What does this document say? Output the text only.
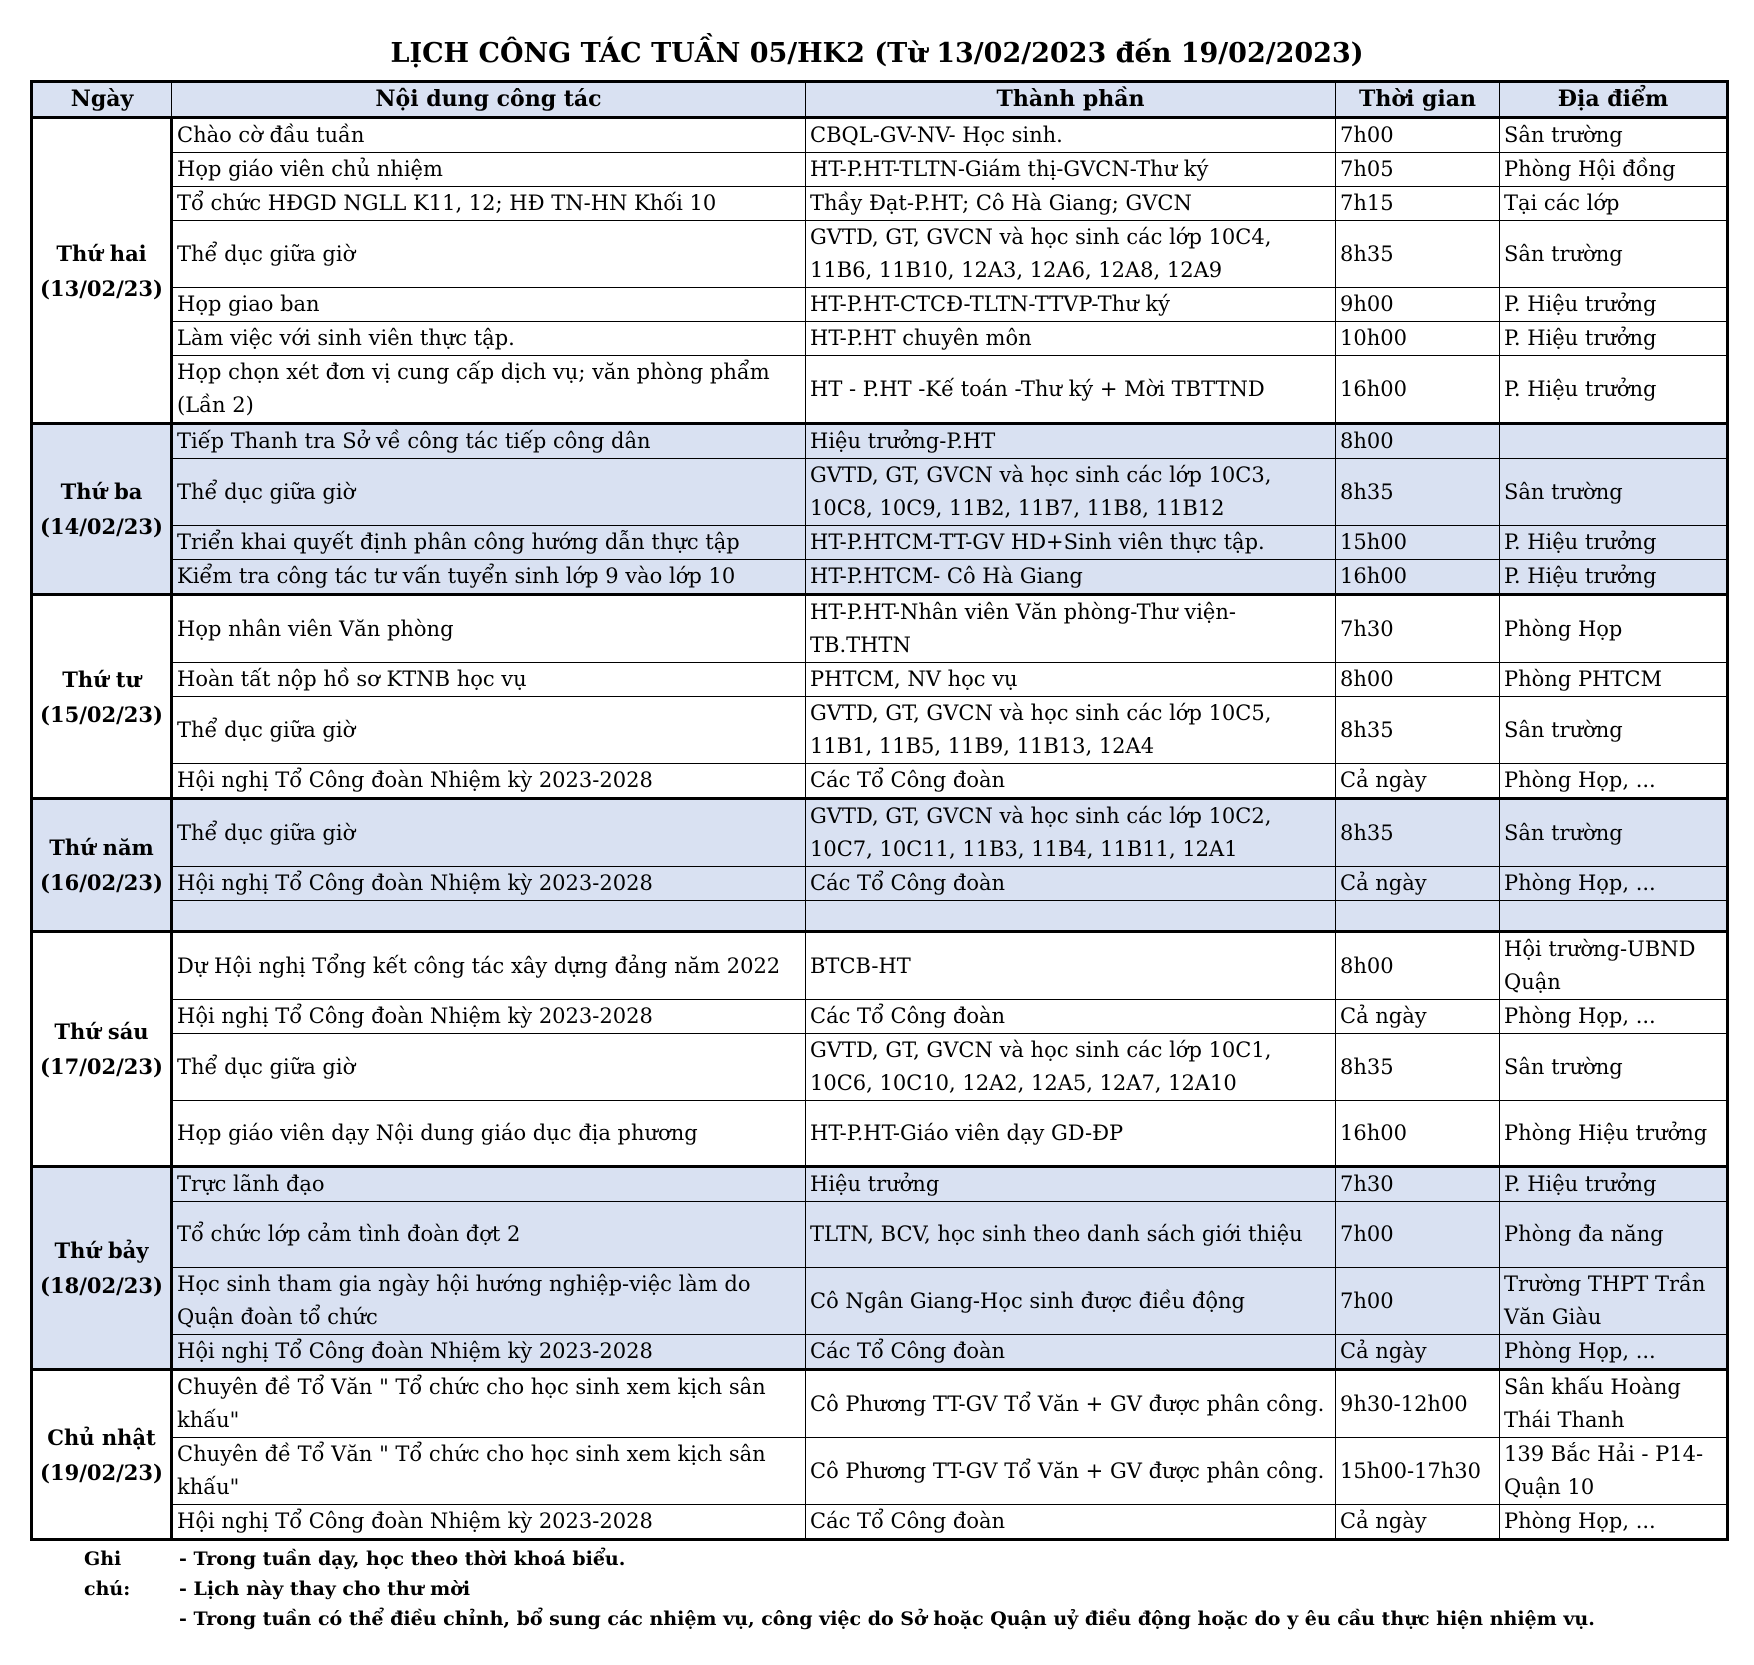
LỊCH CÔNG TÁC TUẦN 05/HK2 (Từ 13/02/2023 đến 19/02/2023)
Ngày	Nội dung công tác	Thành phần	Thời gian	Địa điểm

Thứ hai
(13/02/23)	Chào cờ đầu tuần	CBQL-GV-NV- Học sinh.	7h00	Sân trường
	Họp giáo viên chủ nhiệm	HT-P.HT-TLTN-Giám thị-GVCN-Thư ký	7h05	Phòng Hội đồng
	Tổ chức HĐGD NGLL K11, 12; HĐ TN-HN Khối 10	Thầy Đạt-P.HT; Cô Hà Giang; GVCN	7h15	Tại các lớp
	Thể dục giữa giờ	GVTD, GT, GVCN và học sinh các lớp 10C4, 11B6, 11B10, 12A3, 12A6, 12A8, 12A9	8h35	Sân trường
	Họp giao ban	HT-P.HT-CTCĐ-TLTN-TTVP-Thư ký	9h00	P. Hiệu trưởng
	Làm việc với sinh viên thực tập.	HT-P.HT chuyên môn	10h00	P. Hiệu trưởng
	Họp chọn xét đơn vị cung cấp dịch vụ; văn phòng phẩm (Lần 2)	HT - P.HT -Kế toán -Thư ký + Mời TBTTND	16h00	P. Hiệu trưởng

Thứ ba
(14/02/23)	Tiếp Thanh tra Sở về công tác tiếp công dân	Hiệu trưởng-P.HT	8h00	
	Thể dục giữa giờ	GVTD, GT, GVCN và học sinh các lớp 10C3, 10C8, 10C9, 11B2, 11B7, 11B8, 11B12	8h35	Sân trường
	Triển khai quyết định phân công hướng dẫn thực tập	HT-P.HTCM-TT-GV HD+Sinh viên thực tập.	15h00	P. Hiệu trưởng
	Kiểm tra công tác tư vấn tuyển sinh lớp 9 vào lớp 10	HT-P.HTCM- Cô Hà Giang	16h00	P. Hiệu trưởng

Thứ tư
(15/02/23)	Họp nhân viên Văn phòng	HT-P.HT-Nhân viên Văn phòng-Thư viện-TB.THTN	7h30	Phòng Họp
	Hoàn tất nộp hồ sơ KTNB học vụ	PHTCM, NV học vụ	8h00	Phòng PHTCM
	Thể dục giữa giờ	GVTD, GT, GVCN và học sinh các lớp 10C5, 11B1, 11B5, 11B9, 11B13, 12A4	8h35	Sân trường
	Hội nghị Tổ Công đoàn Nhiệm kỳ 2023-2028	Các Tổ Công đoàn	Cả ngày	Phòng Họp, ...

Thứ năm
(16/02/23)	Thể dục giữa giờ	GVTD, GT, GVCN và học sinh các lớp 10C2, 10C7, 10C11, 11B3, 11B4, 11B11, 12A1	8h35	Sân trường
	Hội nghị Tổ Công đoàn Nhiệm kỳ 2023-2028	Các Tổ Công đoàn	Cả ngày	Phòng Họp, ...

Thứ sáu
(17/02/23)	Dự Hội nghị Tổng kết công tác xây dựng đảng năm 2022	BTCB-HT	8h00	Hội trường-UBND Quận
	Hội nghị Tổ Công đoàn Nhiệm kỳ 2023-2028	Các Tổ Công đoàn	Cả ngày	Phòng Họp, ...
	Thể dục giữa giờ	GVTD, GT, GVCN và học sinh các lớp 10C1, 10C6, 10C10, 12A2, 12A5, 12A7, 12A10	8h35	Sân trường
	Họp giáo viên dạy Nội dung giáo dục địa phương	HT-P.HT-Giáo viên dạy GD-ĐP	16h00	Phòng Hiệu trưởng

Thứ bảy
(18/02/23)	Trực lãnh đạo	Hiệu trưởng	7h30	P. Hiệu trưởng
	Tổ chức lớp cảm tình đoàn đợt 2	TLTN, BCV, học sinh theo danh sách giới thiệu	7h00	Phòng đa năng
	Học sinh tham gia ngày hội hướng nghiệp-việc làm do Quận đoàn tổ chức	Cô Ngân Giang-Học sinh được điều động	7h00	Trường THPT Trần Văn Giàu
	Hội nghị Tổ Công đoàn Nhiệm kỳ 2023-2028	Các Tổ Công đoàn	Cả ngày	Phòng Họp, ...

Chủ nhật
(19/02/23)	Chuyên đề Tổ Văn " Tổ chức cho học sinh xem kịch sân khấu"	Cô Phương TT-GV Tổ Văn + GV được phân công.	9h30-12h00	Sân khấu Hoàng Thái Thanh
	Chuyên đề Tổ Văn " Tổ chức cho học sinh xem kịch sân khấu"	Cô Phương TT-GV Tổ Văn + GV được phân công.	15h00-17h30	139 Bắc Hải - P14-Quận 10
	Hội nghị Tổ Công đoàn Nhiệm kỳ 2023-2028	Các Tổ Công đoàn	Cả ngày	Phòng Họp, ...
Ghi chú:
- Trong tuần dạy, học theo thời khoá biểu.
- Lịch này thay cho thư mời
- Trong tuần có thể điều chỉnh, bổ sung các nhiệm vụ, công việc do Sở hoặc Quận uỷ điều động hoặc do y êu cầu thực hiện nhiệm vụ.
